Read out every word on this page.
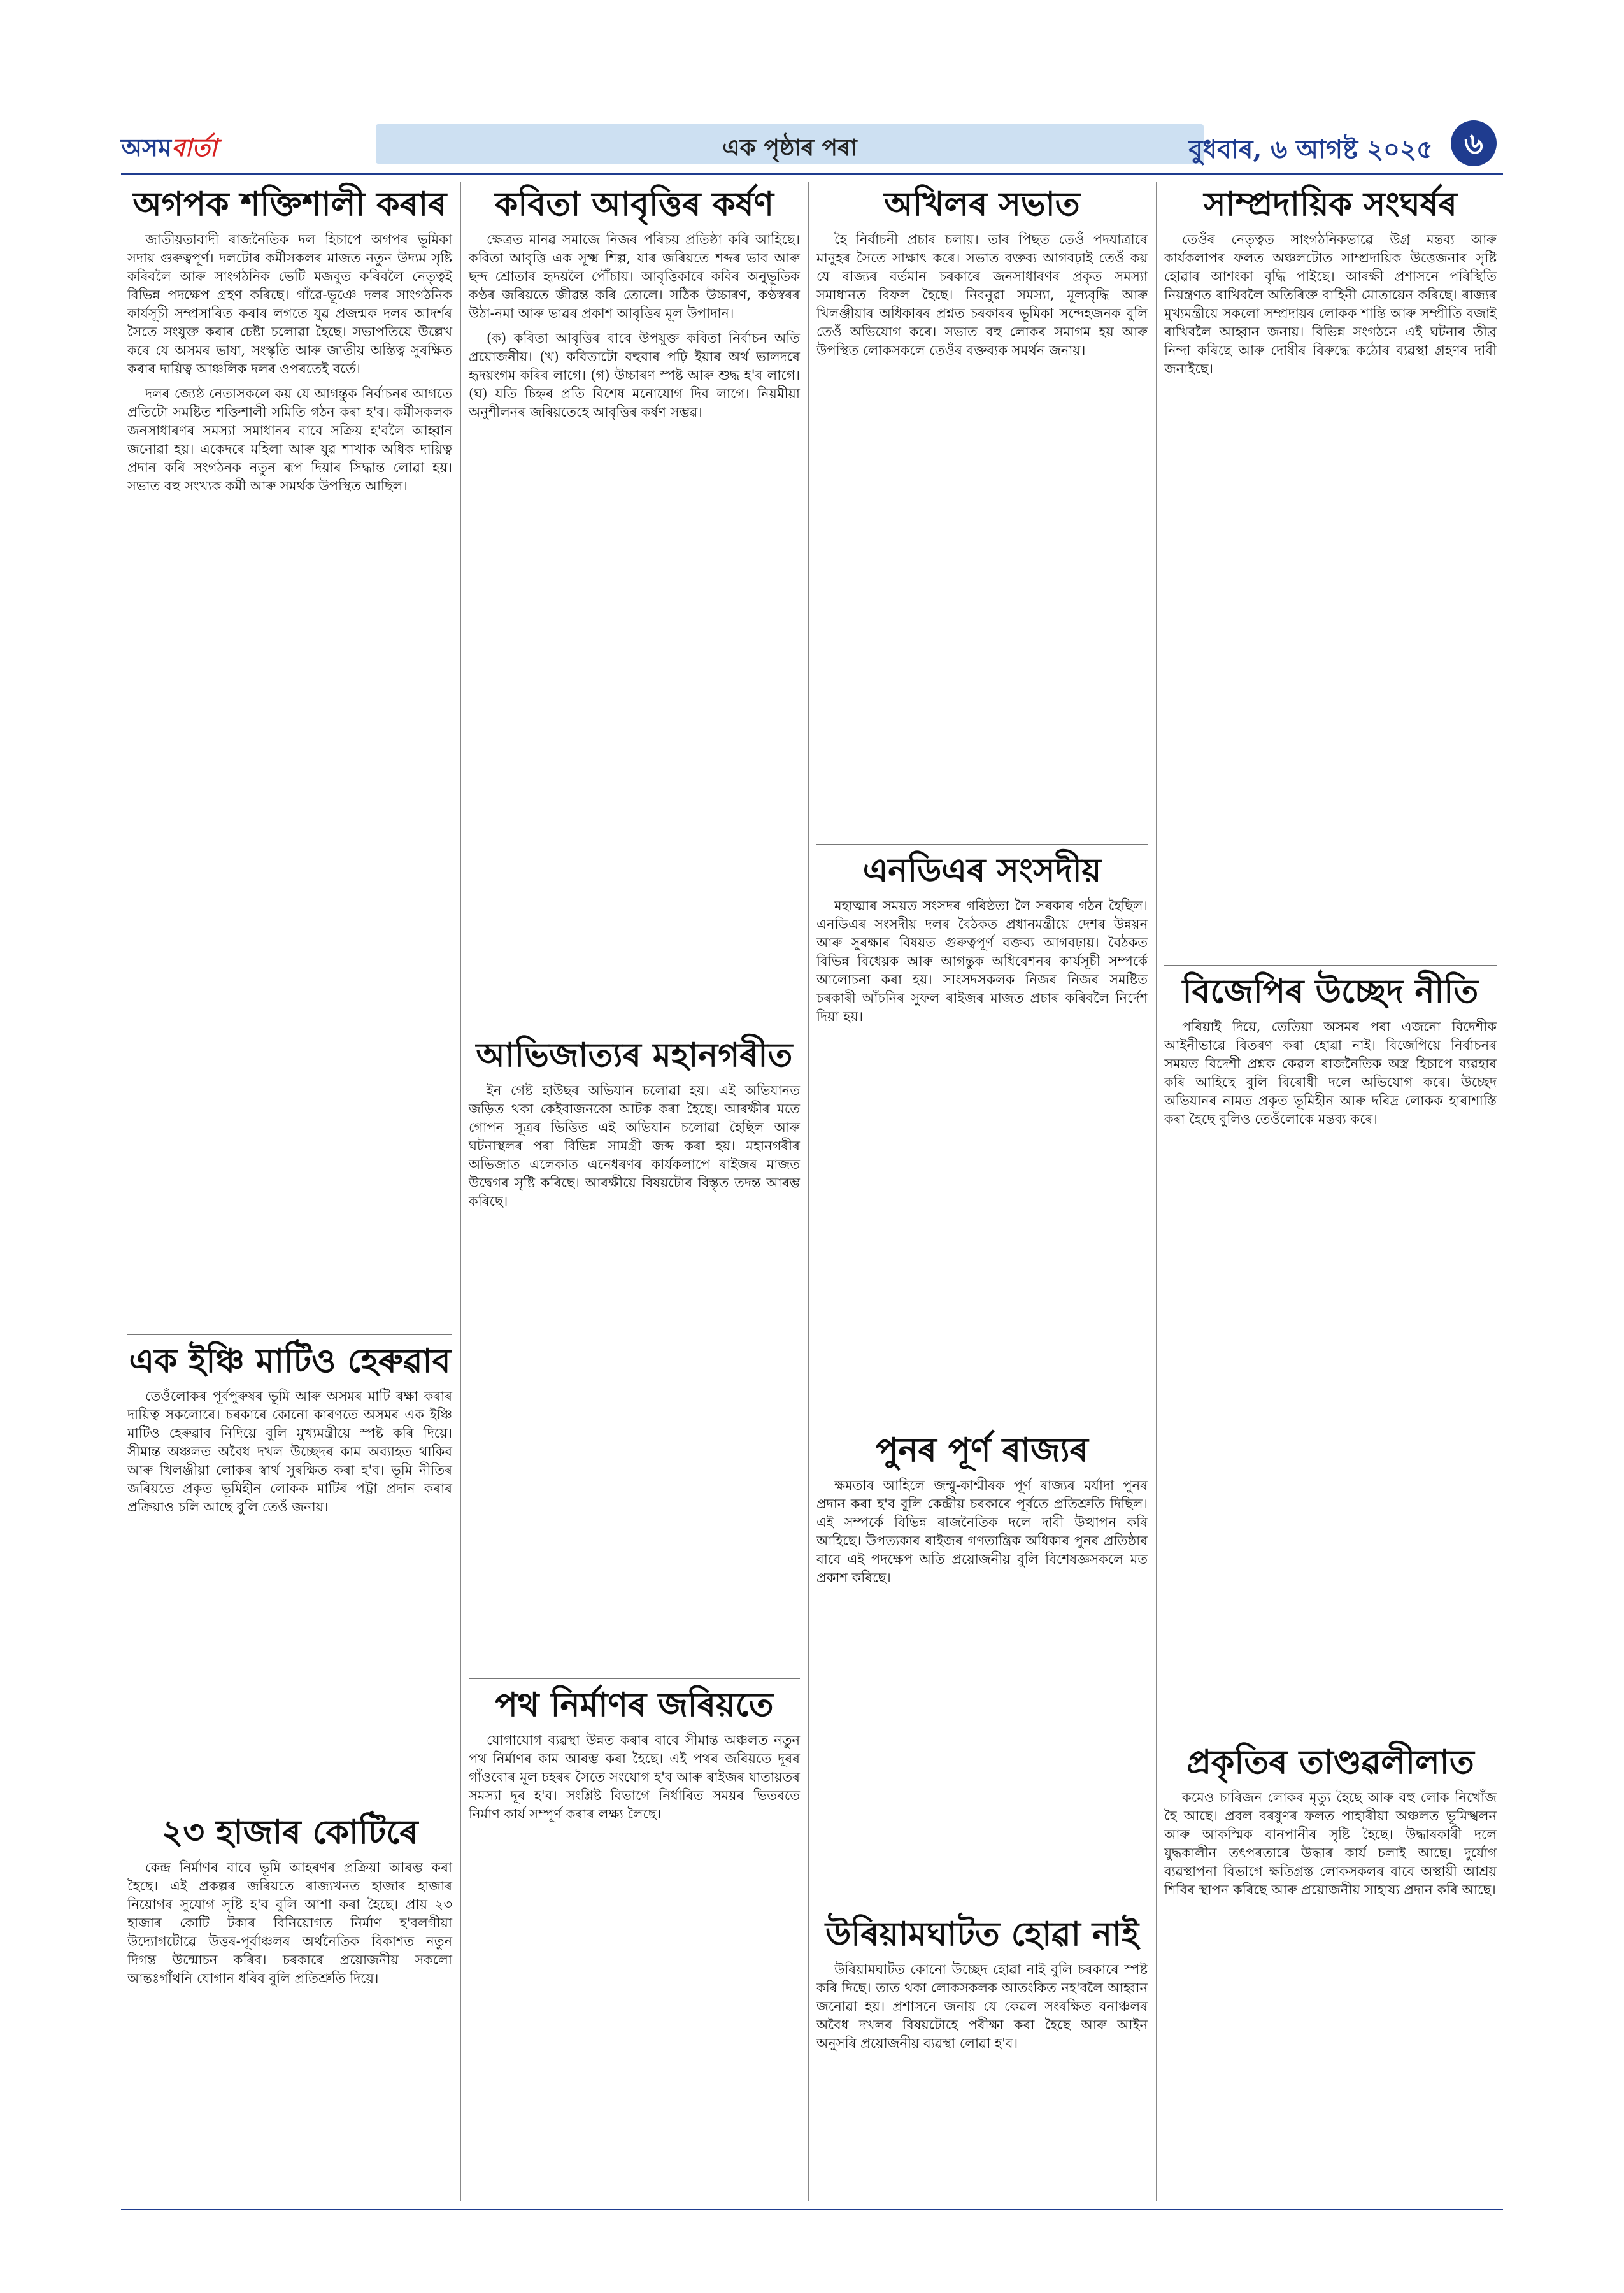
অসমবার্তা	এক পৃষ্ঠাৰ পৰা	বুধবাৰ, ৬ আগষ্ট ২০২৫	৬
অগপক শক্তিশালী কৰাৰ

জাতীয়তাবাদী ৰাজনৈতিক দল হিচাপে অগপৰ ভূমিকা সদায় গুৰুত্বপূৰ্ণ। দলটোৰ কৰ্মীসকলৰ মাজত নতুন উদ্যম সৃষ্টি কৰিবলৈ আৰু সাংগঠনিক ভেটি মজবুত কৰিবলৈ নেতৃত্বই বিভিন্ন পদক্ষেপ গ্ৰহণ কৰিছে। গাঁৱে-ভূঞে দলৰ সাংগঠনিক কাৰ্যসূচী সম্প্ৰসাৰিত কৰাৰ লগতে যুৱ প্ৰজন্মক দলৰ আদৰ্শৰ সৈতে সংযুক্ত কৰাৰ চেষ্টা চলোৱা হৈছে। সভাপতিয়ে উল্লেখ কৰে যে অসমৰ ভাষা, সংস্কৃতি আৰু জাতীয় অস্তিত্ব সুৰক্ষিত কৰাৰ দায়িত্ব আঞ্চলিক দলৰ ওপৰতেই বৰ্তে।

দলৰ জ্যেষ্ঠ নেতাসকলে কয় যে আগন্তুক নিৰ্বাচনৰ আগতে প্ৰতিটো সমষ্টিত শক্তিশালী সমিতি গঠন কৰা হ'ব। কৰ্মীসকলক জনসাধাৰণৰ সমস্যা সমাধানৰ বাবে সক্ৰিয় হ'বলৈ আহ্বান জনোৱা হয়। একেদৰে মহিলা আৰু যুৱ শাখাক অধিক দায়িত্ব প্ৰদান কৰি সংগঠনক নতুন ৰূপ দিয়াৰ সিদ্ধান্ত লোৱা হয়। সভাত বহু সংখ্যক কৰ্মী আৰু সমৰ্থক উপস্থিত আছিল।

এক ইঞ্চি মাটিও হেৰুৱাব

তেওঁলোকৰ পূৰ্বপুৰুষৰ ভূমি আৰু অসমৰ মাটি ৰক্ষা কৰাৰ দায়িত্ব সকলোৰে। চৰকাৰে কোনো কাৰণতে অসমৰ এক ইঞ্চি মাটিও হেৰুৱাব নিদিয়ে বুলি মুখ্যমন্ত্ৰীয়ে স্পষ্ট কৰি দিয়ে। সীমান্ত অঞ্চলত অবৈধ দখল উচ্ছেদৰ কাম অব্যাহত থাকিব আৰু খিলঞ্জীয়া লোকৰ স্বাৰ্থ সুৰক্ষিত কৰা হ'ব। ভূমি নীতিৰ জৰিয়তে প্ৰকৃত ভূমিহীন লোকক মাটিৰ পট্টা প্ৰদান কৰাৰ প্ৰক্ৰিয়াও চলি আছে বুলি তেওঁ জনায়।

২৩ হাজাৰ কোটিৰে

কেন্দ্ৰ নিৰ্মাণৰ বাবে ভূমি আহৰণৰ প্ৰক্ৰিয়া আৰম্ভ কৰা হৈছে। এই প্ৰকল্পৰ জৰিয়তে ৰাজ্যখনত হাজাৰ হাজাৰ নিয়োগৰ সুযোগ সৃষ্টি হ'ব বুলি আশা কৰা হৈছে। প্ৰায় ২৩ হাজাৰ কোটি টকাৰ বিনিয়োগত নিৰ্মাণ হ'বলগীয়া উদ্যোগটোৱে উত্তৰ-পূৰ্বাঞ্চলৰ অৰ্থনৈতিক বিকাশত নতুন দিগন্ত উন্মোচন কৰিব। চৰকাৰে প্ৰয়োজনীয় সকলো আন্তঃগাঁথনি যোগান ধৰিব বুলি প্ৰতিশ্ৰুতি দিয়ে।

কবিতা আবৃত্তিৰ কৰ্ষণ

ক্ষেত্ৰত মানৱ সমাজে নিজৰ পৰিচয় প্ৰতিষ্ঠা কৰি আহিছে। কবিতা আবৃত্তি এক সূক্ষ্ম শিল্প, যাৰ জৰিয়তে শব্দৰ ভাব আৰু ছন্দ শ্ৰোতাৰ হৃদয়লৈ পৌঁচায়। আবৃত্তিকাৰে কবিৰ অনুভূতিক কণ্ঠৰ জৰিয়তে জীৱন্ত কৰি তোলে। সঠিক উচ্চাৰণ, কণ্ঠস্বৰৰ উঠা-নমা আৰু ভাৱৰ প্ৰকাশ আবৃত্তিৰ মূল উপাদান।

(ক) কবিতা আবৃত্তিৰ বাবে উপযুক্ত কবিতা নিৰ্বাচন অতি প্ৰয়োজনীয়। (খ) কবিতাটো বহুবাৰ পঢ়ি ইয়াৰ অৰ্থ ভালদৰে হৃদয়ংগম কৰিব লাগে। (গ) উচ্চাৰণ স্পষ্ট আৰু শুদ্ধ হ'ব লাগে। (ঘ) যতি চিহ্নৰ প্ৰতি বিশেষ মনোযোগ দিব লাগে। নিয়মীয়া অনুশীলনৰ জৰিয়তেহে আবৃত্তিৰ কৰ্ষণ সম্ভৱ।

আভিজাত্যৰ মহানগৰীত

ইন গেষ্ট হাউছৰ অভিযান চলোৱা হয়। এই অভিযানত জড়িত থকা কেইবাজনকো আটক কৰা হৈছে। আৰক্ষীৰ মতে গোপন সূত্ৰৰ ভিত্তিত এই অভিযান চলোৱা হৈছিল আৰু ঘটনাস্থলৰ পৰা বিভিন্ন সামগ্ৰী জব্দ কৰা হয়। মহানগৰীৰ অভিজাত এলেকাত এনেধৰণৰ কাৰ্যকলাপে ৰাইজৰ মাজত উদ্বেগৰ সৃষ্টি কৰিছে। আৰক্ষীয়ে বিষয়টোৰ বিস্তৃত তদন্ত আৰম্ভ কৰিছে।

পথ নিৰ্মাণৰ জৰিয়তে

যোগাযোগ ব্যৱস্থা উন্নত কৰাৰ বাবে সীমান্ত অঞ্চলত নতুন পথ নিৰ্মাণৰ কাম আৰম্ভ কৰা হৈছে। এই পথৰ জৰিয়তে দূৰৰ গাঁওবোৰ মূল চহৰৰ সৈতে সংযোগ হ'ব আৰু ৰাইজৰ যাতায়তৰ সমস্যা দূৰ হ'ব। সংশ্লিষ্ট বিভাগে নিৰ্ধাৰিত সময়ৰ ভিতৰতে নিৰ্মাণ কাৰ্য সম্পূৰ্ণ কৰাৰ লক্ষ্য লৈছে।

অখিলৰ সভাত

হৈ নিৰ্বাচনী প্ৰচাৰ চলায়। তাৰ পিছত তেওঁ পদযাত্ৰাৰে মানুহৰ সৈতে সাক্ষাৎ কৰে। সভাত বক্তব্য আগবঢ়াই তেওঁ কয় যে ৰাজ্যৰ বৰ্তমান চৰকাৰে জনসাধাৰণৰ প্ৰকৃত সমস্যা সমাধানত বিফল হৈছে। নিবনুৱা সমস্যা, মূল্যবৃদ্ধি আৰু খিলঞ্জীয়াৰ অধিকাৰৰ প্ৰশ্নত চৰকাৰৰ ভূমিকা সন্দেহজনক বুলি তেওঁ অভিযোগ কৰে। সভাত বহু লোকৰ সমাগম হয় আৰু উপস্থিত লোকসকলে তেওঁৰ বক্তব্যক সমৰ্থন জনায়।

এনডিএৰ সংসদীয়

মহাত্মাৰ সময়ত সংসদৰ গৰিষ্ঠতা লৈ সৰকাৰ গঠন হৈছিল। এনডিএৰ সংসদীয় দলৰ বৈঠকত প্ৰধানমন্ত্ৰীয়ে দেশৰ উন্নয়ন আৰু সুৰক্ষাৰ বিষয়ত গুৰুত্বপূৰ্ণ বক্তব্য আগবঢ়ায়। বৈঠকত বিভিন্ন বিধেয়ক আৰু আগন্তুক অধিবেশনৰ কাৰ্যসূচী সম্পৰ্কে আলোচনা কৰা হয়। সাংসদসকলক নিজৰ নিজৰ সমষ্টিত চৰকাৰী আঁচনিৰ সুফল ৰাইজৰ মাজত প্ৰচাৰ কৰিবলৈ নিৰ্দেশ দিয়া হয়।

পুনৰ পূৰ্ণ ৰাজ্যৰ

ক্ষমতাৰ আহিলে জম্মু-কাশ্মীৰক পূৰ্ণ ৰাজ্যৰ মৰ্যাদা পুনৰ প্ৰদান কৰা হ'ব বুলি কেন্দ্ৰীয় চৰকাৰে পূৰ্বতে প্ৰতিশ্ৰুতি দিছিল। এই সম্পৰ্কে বিভিন্ন ৰাজনৈতিক দলে দাবী উত্থাপন কৰি আহিছে। উপত্যকাৰ ৰাইজৰ গণতান্ত্ৰিক অধিকাৰ পুনৰ প্ৰতিষ্ঠাৰ বাবে এই পদক্ষেপ অতি প্ৰয়োজনীয় বুলি বিশেষজ্ঞসকলে মত প্ৰকাশ কৰিছে।

উৰিয়ামঘাটত হোৱা নাই

উৰিয়ামঘাটত কোনো উচ্ছেদ হোৱা নাই বুলি চৰকাৰে স্পষ্ট কৰি দিছে। তাত থকা লোকসকলক আতংকিত নহ'বলৈ আহ্বান জনোৱা হয়। প্ৰশাসনে জনায় যে কেৱল সংৰক্ষিত বনাঞ্চলৰ অবৈধ দখলৰ বিষয়টোহে পৰীক্ষা কৰা হৈছে আৰু আইন অনুসৰি প্ৰয়োজনীয় ব্যৱস্থা লোৱা হ'ব।

সাম্প্ৰদায়িক সংঘৰ্ষৰ

তেওঁৰ নেতৃত্বত সাংগঠনিকভাৱে উগ্ৰ মন্তব্য আৰু কাৰ্যকলাপৰ ফলত অঞ্চলটোত সাম্প্ৰদায়িক উত্তেজনাৰ সৃষ্টি হোৱাৰ আশংকা বৃদ্ধি পাইছে। আৰক্ষী প্ৰশাসনে পৰিস্থিতি নিয়ন্ত্ৰণত ৰাখিবলৈ অতিৰিক্ত বাহিনী মোতায়েন কৰিছে। ৰাজ্যৰ মুখ্যমন্ত্ৰীয়ে সকলো সম্প্ৰদায়ৰ লোকক শান্তি আৰু সম্প্ৰীতি বজাই ৰাখিবলৈ আহ্বান জনায়। বিভিন্ন সংগঠনে এই ঘটনাৰ তীব্ৰ নিন্দা কৰিছে আৰু দোষীৰ বিৰুদ্ধে কঠোৰ ব্যৱস্থা গ্ৰহণৰ দাবী জনাইছে।

বিজেপিৰ উচ্ছেদ নীতি

পৰিয়াই দিয়ে, তেতিয়া অসমৰ পৰা এজনো বিদেশীক আইনীভাৱে বিতৰণ কৰা হোৱা নাই। বিজেপিয়ে নিৰ্বাচনৰ সময়ত বিদেশী প্ৰশ্নক কেৱল ৰাজনৈতিক অস্ত্ৰ হিচাপে ব্যৱহাৰ কৰি আহিছে বুলি বিৰোধী দলে অভিযোগ কৰে। উচ্ছেদ অভিযানৰ নামত প্ৰকৃত ভূমিহীন আৰু দৰিদ্ৰ লোকক হাৰাশাস্তি কৰা হৈছে বুলিও তেওঁলোকে মন্তব্য কৰে।

প্ৰকৃতিৰ তাণ্ডৱলীলাত

কমেও চাৰিজন লোকৰ মৃত্যু হৈছে আৰু বহু লোক নিখোঁজ হৈ আছে। প্ৰবল বৰষুণৰ ফলত পাহাৰীয়া অঞ্চলত ভূমিস্খলন আৰু আকস্মিক বানপানীৰ সৃষ্টি হৈছে। উদ্ধাৰকাৰী দলে যুদ্ধকালীন তৎপৰতাৰে উদ্ধাৰ কাৰ্য চলাই আছে। দুৰ্যোগ ব্যৱস্থাপনা বিভাগে ক্ষতিগ্ৰস্ত লোকসকলৰ বাবে অস্থায়ী আশ্ৰয় শিবিৰ স্থাপন কৰিছে আৰু প্ৰয়োজনীয় সাহায্য প্ৰদান কৰি আছে।
